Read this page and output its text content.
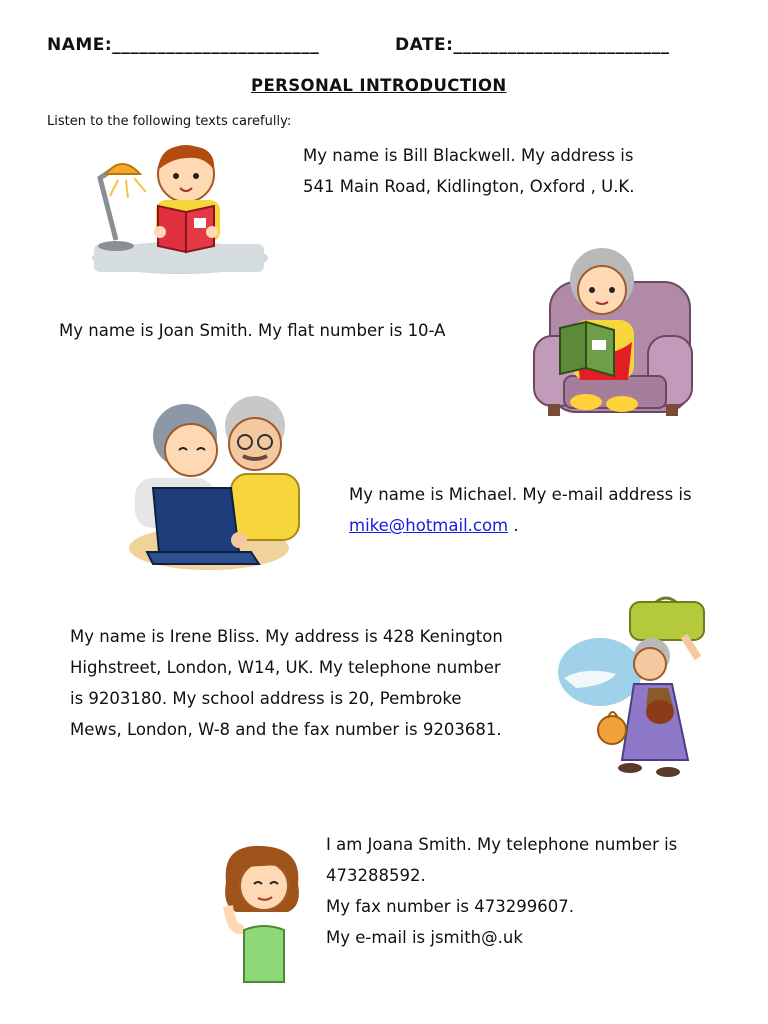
NAME:_______________________	DATE:________________________
PERSONAL INTRODUCTION
Listen to the following texts carefully:
My name is Bill Blackwell. My address is
541 Main Road, Kidlington, Oxford , U.K.
My name is Joan Smith. My flat number is 10-A
My name is Michael. My e-mail address is
mike@hotmail.com .
My name is Irene Bliss. My address is 428 Kenington
Highstreet, London, W14, UK. My telephone number
is 9203180. My school address is 20, Pembroke
Mews, London, W-8 and the fax number is 9203681.
I am Joana Smith. My telephone number is
473288592.
My fax number is 473299607.
My e-mail is jsmith@.uk
